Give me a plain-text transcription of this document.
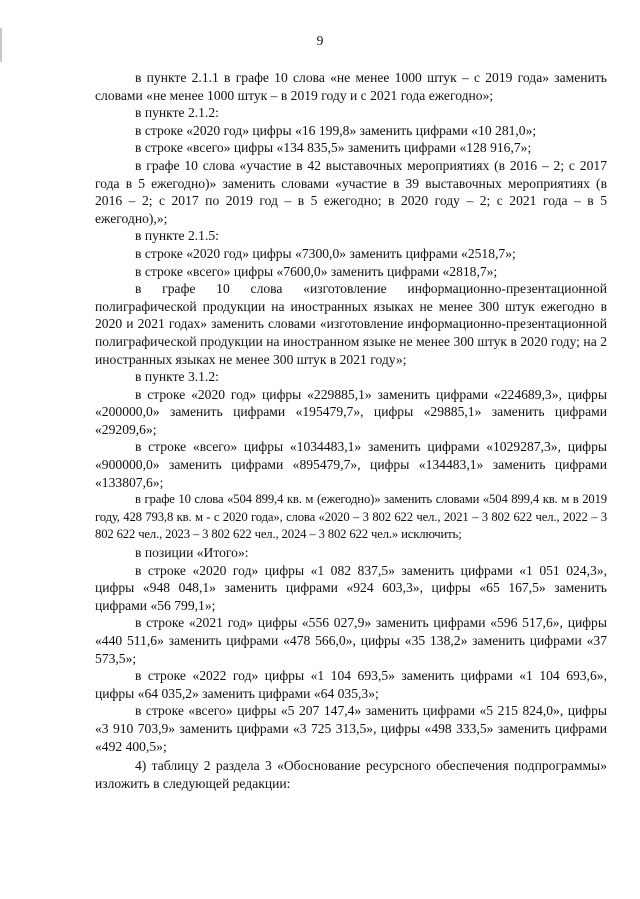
9

в пункте 2.1.1 в графе 10 слова «не менее 1000 штук – с 2019 года» заменить словами «не менее 1000 штук – в 2019 году и с 2021 года ежегодно»;

в пункте 2.1.2:

в строке «2020 год» цифры «16 199,8» заменить цифрами «10 281,0»;

в строке «всего» цифры «134 835,5» заменить цифрами «128 916,7»;

в графе 10 слова «участие в 42 выставочных мероприятиях (в 2016 – 2; с 2017 года в 5 ежегодно)» заменить словами «участие в 39 выставочных мероприятиях (в 2016 – 2; с 2017 по 2019 год – в 5 ежегодно; в 2020 году – 2; с 2021 года – в 5 ежегодно),»;

в пункте 2.1.5:

в строке «2020 год» цифры «7300,0» заменить цифрами «2518,7»;

в строке «всего» цифры «7600,0» заменить цифрами «2818,7»;

в графе 10 слова «изготовление информационно-презентационной полиграфической продукции на иностранных языках не менее 300 штук ежегодно в 2020 и 2021 годах» заменить словами «изготовление информационно-презентационной полиграфической продукции на иностранном языке не менее 300 штук в 2020 году; на 2 иностранных языках не менее 300 штук в 2021 году»;

в пункте 3.1.2:

в строке «2020 год» цифры «229885,1» заменить цифрами «224689,3», цифры «200000,0» заменить цифрами «195479,7», цифры «29885,1» заменить цифрами «29209,6»;

в строке «всего» цифры «1034483,1» заменить цифрами «1029287,3», цифры «900000,0» заменить цифрами «895479,7», цифры «134483,1» заменить цифрами «133807,6»;

в графе 10 слова «504 899,4 кв. м (ежегодно)» заменить словами «504 899,4 кв. м в 2019 году, 428 793,8 кв. м - с 2020 года», слова «2020 – 3 802 622 чел., 2021 – 3 802 622 чел., 2022 – 3 802 622 чел., 2023 – 3 802 622 чел., 2024 – 3 802 622 чел.» исключить;

в позиции «Итого»:

в строке «2020 год» цифры «1 082 837,5» заменить цифрами «1 051 024,3», цифры «948 048,1» заменить цифрами «924 603,3», цифры «65 167,5» заменить цифрами «56 799,1»;

в строке «2021 год» цифры «556 027,9» заменить цифрами «596 517,6», цифры «440 511,6» заменить цифрами «478 566,0», цифры «35 138,2» заменить цифрами «37 573,5»;

в строке «2022 год» цифры «1 104 693,5» заменить цифрами «1 104 693,6», цифры «64 035,2» заменить цифрами «64 035,3»;

в строке «всего» цифры «5 207 147,4» заменить цифрами «5 215 824,0», цифры «3 910 703,9» заменить цифрами «3 725 313,5», цифры «498 333,5» заменить цифрами «492 400,5»;

4) таблицу 2 раздела 3 «Обоснование ресурсного обеспечения подпрограммы» изложить в следующей редакции:
